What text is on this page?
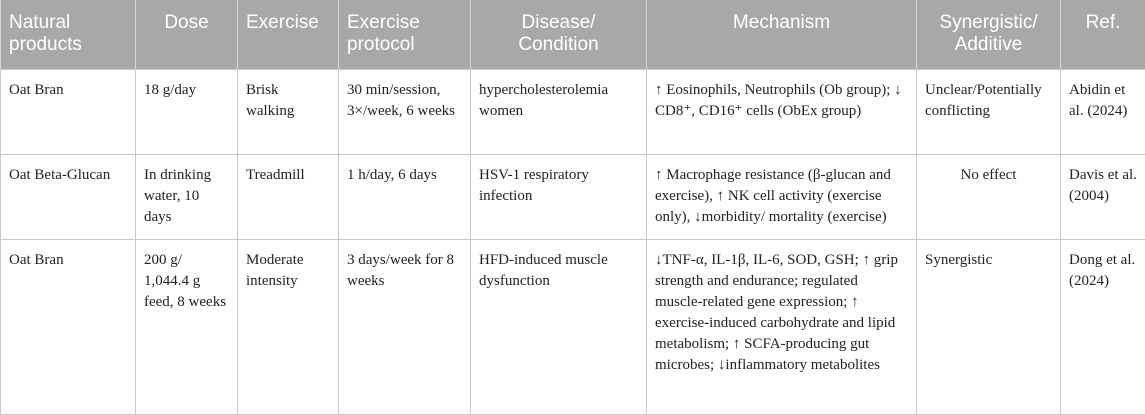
Natural products	Dose	Exercise	Exercise protocol	Disease/ Condition	Mechanism	Synergistic/ Additive	Ref.
Oat Bran	18 g/day	Brisk walking	30 min/session, 3×/week, 6 weeks	hypercholesterolemia women	↑ Eosinophils, Neutrophils (Ob group); ↓ CD8⁺, CD16⁺ cells (ObEx group)	Unclear/Potentially conflicting	Abidin et al. (2024)
Oat Beta-Glucan	In drinking water, 10 days	Treadmill	1 h/day, 6 days	HSV-1 respiratory infection	↑ Macrophage resistance (β-glucan and exercise), ↑ NK cell activity (exercise only), ↓morbidity/ mortality (exercise)	No effect	Davis et al. (2004)
Oat Bran	200 g/ 1,044.4 g feed, 8 weeks	Moderate intensity	3 days/week for 8 weeks	HFD-induced muscle dysfunction	↓TNF-α, IL-1β, IL-6, SOD, GSH; ↑ grip strength and endurance; regulated muscle-related gene expression; ↑ exercise-induced carbohydrate and lipid metabolism; ↑ SCFA-producing gut microbes; ↓inflammatory metabolites	Synergistic	Dong et al. (2024)
